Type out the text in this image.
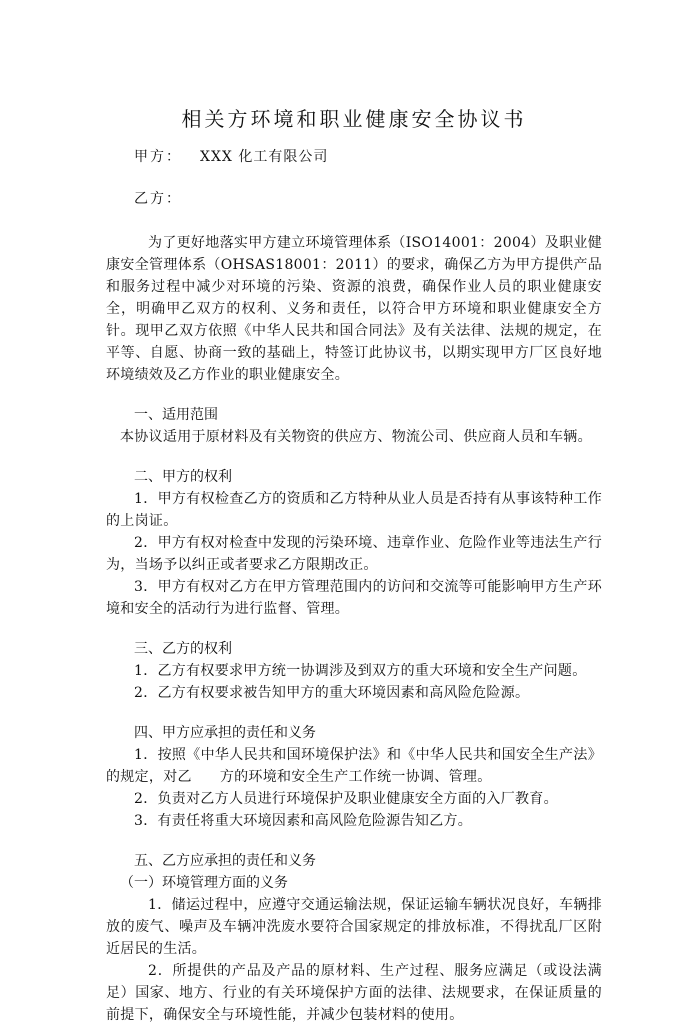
相关方环境和职业健康安全协议书
甲方： XXX 化工有限公司
乙方：

为了更好地落实甲方建立环境管理体系（ISO14001：2004）及职业健康安全管理体系（OHSAS18001：2011）的要求，确保乙方为甲方提供产品和服务过程中减少对环境的污染、资源的浪费，确保作业人员的职业健康安全，明确甲乙双方的权利、义务和责任，以符合甲方环境和职业健康安全方针。现甲乙双方依照《中华人民共和国合同法》及有关法律、法规的规定，在平等、自愿、协商一致的基础上，特签订此协议书，以期实现甲方厂区良好地环境绩效及乙方作业的职业健康安全。

一、适用范围

本协议适用于原材料及有关物资的供应方、物流公司、供应商人员和车辆。

二、甲方的权利

1．甲方有权检查乙方的资质和乙方特种从业人员是否持有从事该特种工作的上岗证。

2．甲方有权对检查中发现的污染环境、违章作业、危险作业等违法生产行为，当场予以纠正或者要求乙方限期改正。

3．甲方有权对乙方在甲方管理范围内的访问和交流等可能影响甲方生产环境和安全的活动行为进行监督、管理。

三、乙方的权利

1．乙方有权要求甲方统一协调涉及到双方的重大环境和安全生产问题。

2．乙方有权要求被告知甲方的重大环境因素和高风险危险源。

四、甲方应承担的责任和义务

1．按照《中华人民共和国环境保护法》和《中华人民共和国安全生产法》的规定，对乙 方的环境和安全生产工作统一协调、管理。

2．负责对乙方人员进行环境保护及职业健康安全方面的入厂教育。

3．有责任将重大环境因素和高风险危险源告知乙方。

五、乙方应承担的责任和义务
（一）环境管理方面的义务

1．储运过程中，应遵守交通运输法规，保证运输车辆状况良好，车辆排放的废气、噪声及车辆冲洗废水要符合国家规定的排放标准，不得扰乱厂区附近居民的生活。

2．所提供的产品及产品的原材料、生产过程、服务应满足（或设法满足）国家、地方、行业的有关环境保护方面的法律、法规要求，在保证质量的前提下，确保安全与环境性能，并减少包装材料的使用。
